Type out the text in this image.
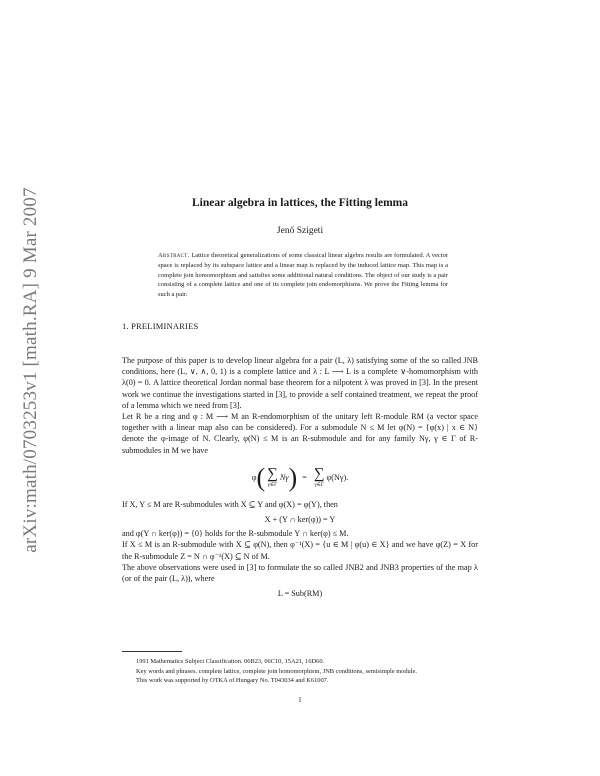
arXiv:math/0703253v1 [math.RA] 9 Mar 2007	Linear algebra in lattices, the Fitting lemma
Jenő Szigeti
Abstract. Lattice theoretical generalizations of some classical linear algebra results are formulated. A vector space is replaced by its subspace lattice and a linear map is replaced by the induced lattice map. This map is a complete join homomorphism and satisfies some additional natural conditions. The object of our study is a pair consisting of a complete lattice and one of its complete join endomorphisms. We prove the Fitting lemma for such a pair.
1. PRELIMINARIES

The purpose of this paper is to develop linear algebra for a pair (L, λ) satisfying some of the so called JNB conditions, here (L, ∨, ∧, 0, 1) is a complete lattice and λ : L ⟶ L is a complete ∨-homomorphism with λ(0) = 0. A lattice theoretical Jordan normal base theorem for a nilpotent λ was proved in [3]. In the present work we continue the investigations started in [3], to provide a self contained treatment, we repeat the proof of a lemma which we need from [3].

Let R be a ring and φ : M ⟶ M an R-endomorphism of the unitary left R-module RM (a vector space together with a linear map also can be considered). For a submodule N ≤ M let φ(N) = {φ(x) | x ∈ N} denote the φ-image of N. Clearly, φ(N) ≤ M is an R-submodule and for any family Nγ, γ ∈ Γ of R-submodules in M we have

φ ( ∑
γ∈Γ
Nγ ) = ∑
γ∈Γ
φ(Nγ).

If X, Y ≤ M are R-submodules with X ⊆ Y and φ(X) = φ(Y), then

X + (Y ∩ ker(φ)) = Y

and φ(Y ∩ ker(φ)) = {0} holds for the R-submodule Y ∩ ker(φ) ≤ M.

If X ≤ M is an R-submodule with X ⊆ φ(N), then φ⁻¹(X) = {u ∈ M | φ(u) ∈ X} and we have φ(Z) = X for the R-submodule Z = N ∩ φ⁻¹(X) ⊆ N of M.

The above observations were used in [3] to formulate the so called JNB2 and JNB3 properties of the map λ (or of the pair (L, λ)), where

L = Sub(RM)

1991 Mathematics Subject Classification. 06B23, 06C10, 15A21, 16D60.

Key words and phrases. complete lattice, complete join homomorphism, JNB conditions, semisimple module.

This work was supported by OTKA of Hungary No. T043034 and K61007.

1
